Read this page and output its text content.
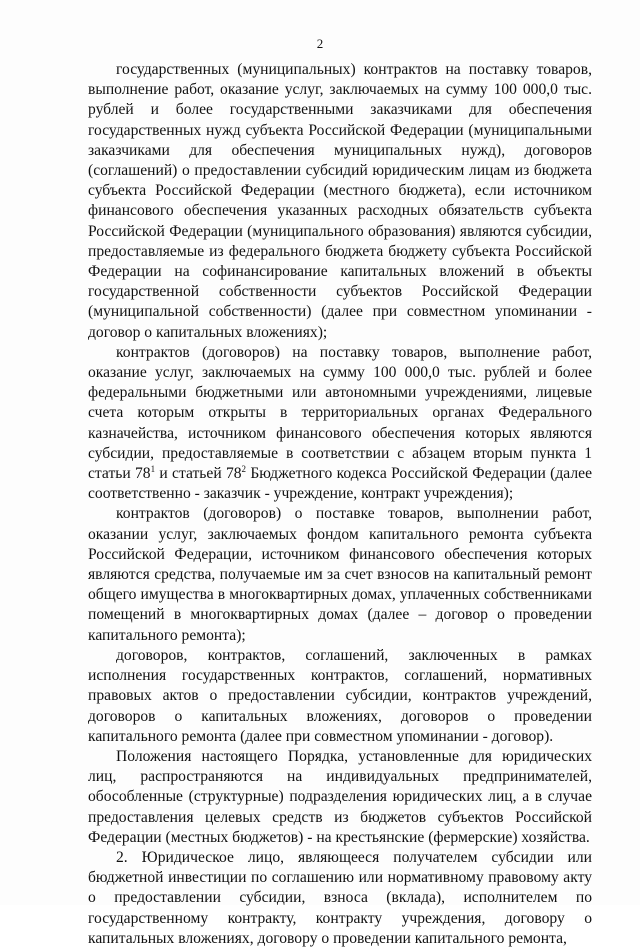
2

государственных (муниципальных) контрактов на поставку товаров, выполнение работ, оказание услуг, заключаемых на сумму 100 000,0 тыс. рублей и более государственными заказчиками для обеспечения государственных нужд субъекта Российской Федерации (муниципальными заказчиками для обеспечения муниципальных нужд), договоров (соглашений) о предоставлении субсидий юридическим лицам из бюджета субъекта Российской Федерации (местного бюджета), если источником финансового обеспечения указанных расходных обязательств субъекта Российской Федерации (муниципального образования) являются субсидии, предоставляемые из федерального бюджета бюджету субъекта Российской Федерации на софинансирование капитальных вложений в объекты государственной собственности субъектов Российской Федерации (муниципальной собственности) (далее при совместном упоминании - договор о капитальных вложениях);

контрактов (договоров) на поставку товаров, выполнение работ, оказание услуг, заключаемых на сумму 100 000,0 тыс. рублей и более федеральными бюджетными или автономными учреждениями, лицевые счета которым открыты в территориальных органах Федерального казначейства, источником финансового обеспечения которых являются субсидии, предоставляемые в соответствии с абзацем вторым пункта 1 статьи $78^1$ и статьей $78^2$ Бюджетного кодекса Российской Федерации (далее соответственно - заказчик - учреждение, контракт учреждения);

контрактов (договоров) о поставке товаров, выполнении работ, оказании услуг, заключаемых фондом капитального ремонта субъекта Российской Федерации, источником финансового обеспечения которых являются средства, получаемые им за счет взносов на капитальный ремонт общего имущества в многоквартирных домах, уплаченных собственниками помещений в многоквартирных домах (далее – договор о проведении капитального ремонта);

договоров, контрактов, соглашений, заключенных в рамках исполнения государственных контрактов, соглашений, нормативных правовых актов о предоставлении субсидии, контрактов учреждений, договоров о капитальных вложениях, договоров о проведении капитального ремонта (далее при совместном упоминании - договор).

Положения настоящего Порядка, установленные для юридических лиц, распространяются на индивидуальных предпринимателей, обособленные (структурные) подразделения юридических лиц, а в случае предоставления целевых средств из бюджетов субъектов Российской Федерации (местных бюджетов) - на крестьянские (фермерские) хозяйства.

2. Юридическое лицо, являющееся получателем субсидии или бюджетной инвестиции по соглашению или нормативному правовому акту о предоставлении субсидии, взноса (вклада), исполнителем по государственному контракту, контракту учреждения, договору о капитальных вложениях, договору о проведении капитального ремонта,
